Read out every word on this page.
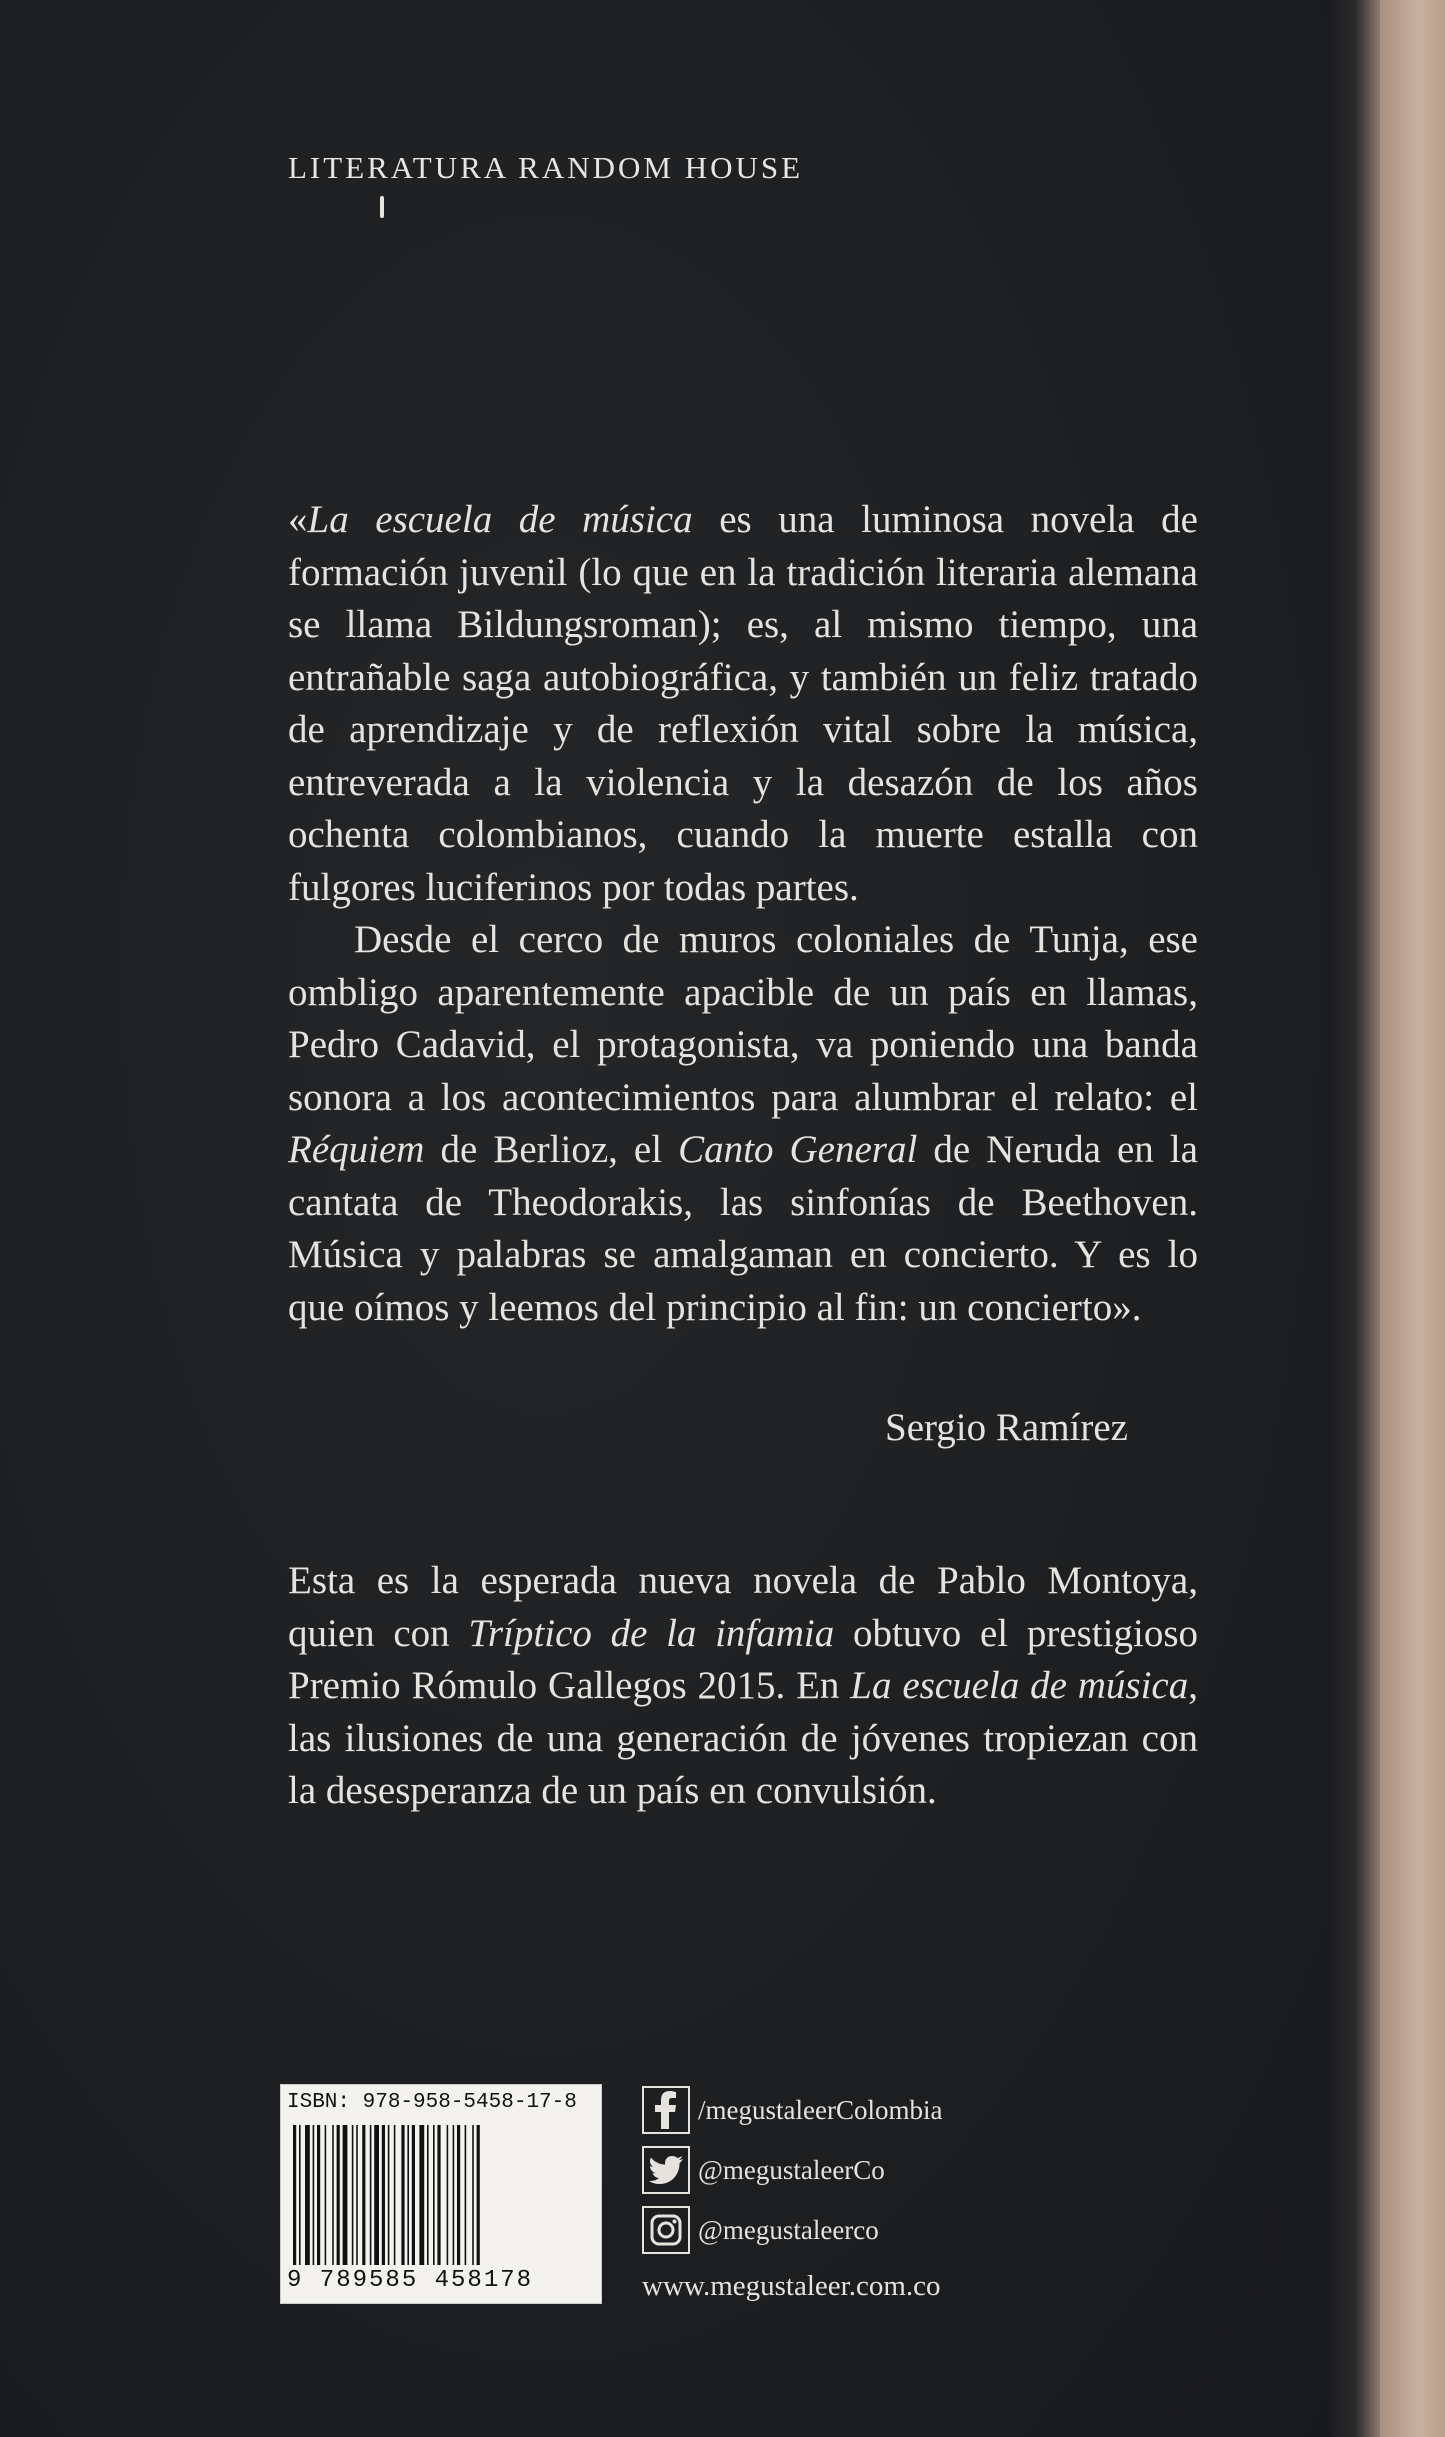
LITERATURA RANDOM HOUSE

«La escuela de música es una luminosa novela de formación juvenil (lo que en la tradición literaria alemana se llama Bildungsroman); es, al mismo tiempo, una entrañable saga autobiográfica, y también un feliz tratado de aprendizaje y de reflexión vital sobre la música, entreverada a la violencia y la desazón de los años ochenta colombianos, cuando la muerte estalla con fulgores luciferinos por todas partes.

Desde el cerco de muros coloniales de Tunja, ese ombligo aparentemente apacible de un país en llamas, Pedro Cadavid, el protagonista, va poniendo una banda sonora a los acontecimientos para alumbrar el relato: el Réquiem de Berlioz, el Canto General de Neruda en la cantata de Theodorakis, las sinfonías de Beethoven. Música y palabras se amalgaman en concierto. Y es lo que oímos y leemos del principio al fin: un concierto».

Sergio Ramírez

Esta es la esperada nueva novela de Pablo Montoya, quien con Tríptico de la infamia obtuvo el prestigioso Premio Rómulo Gallegos 2015. En La escuela de música, las ilusiones de una generación de jóvenes tropiezan con la desesperanza de un país en convulsión.

ISBN: 978-958-5458-17-8
9 789585 458178
/megustaleerColombia
@megustaleerCo
@megustaleerco
www.megustaleer.com.co
